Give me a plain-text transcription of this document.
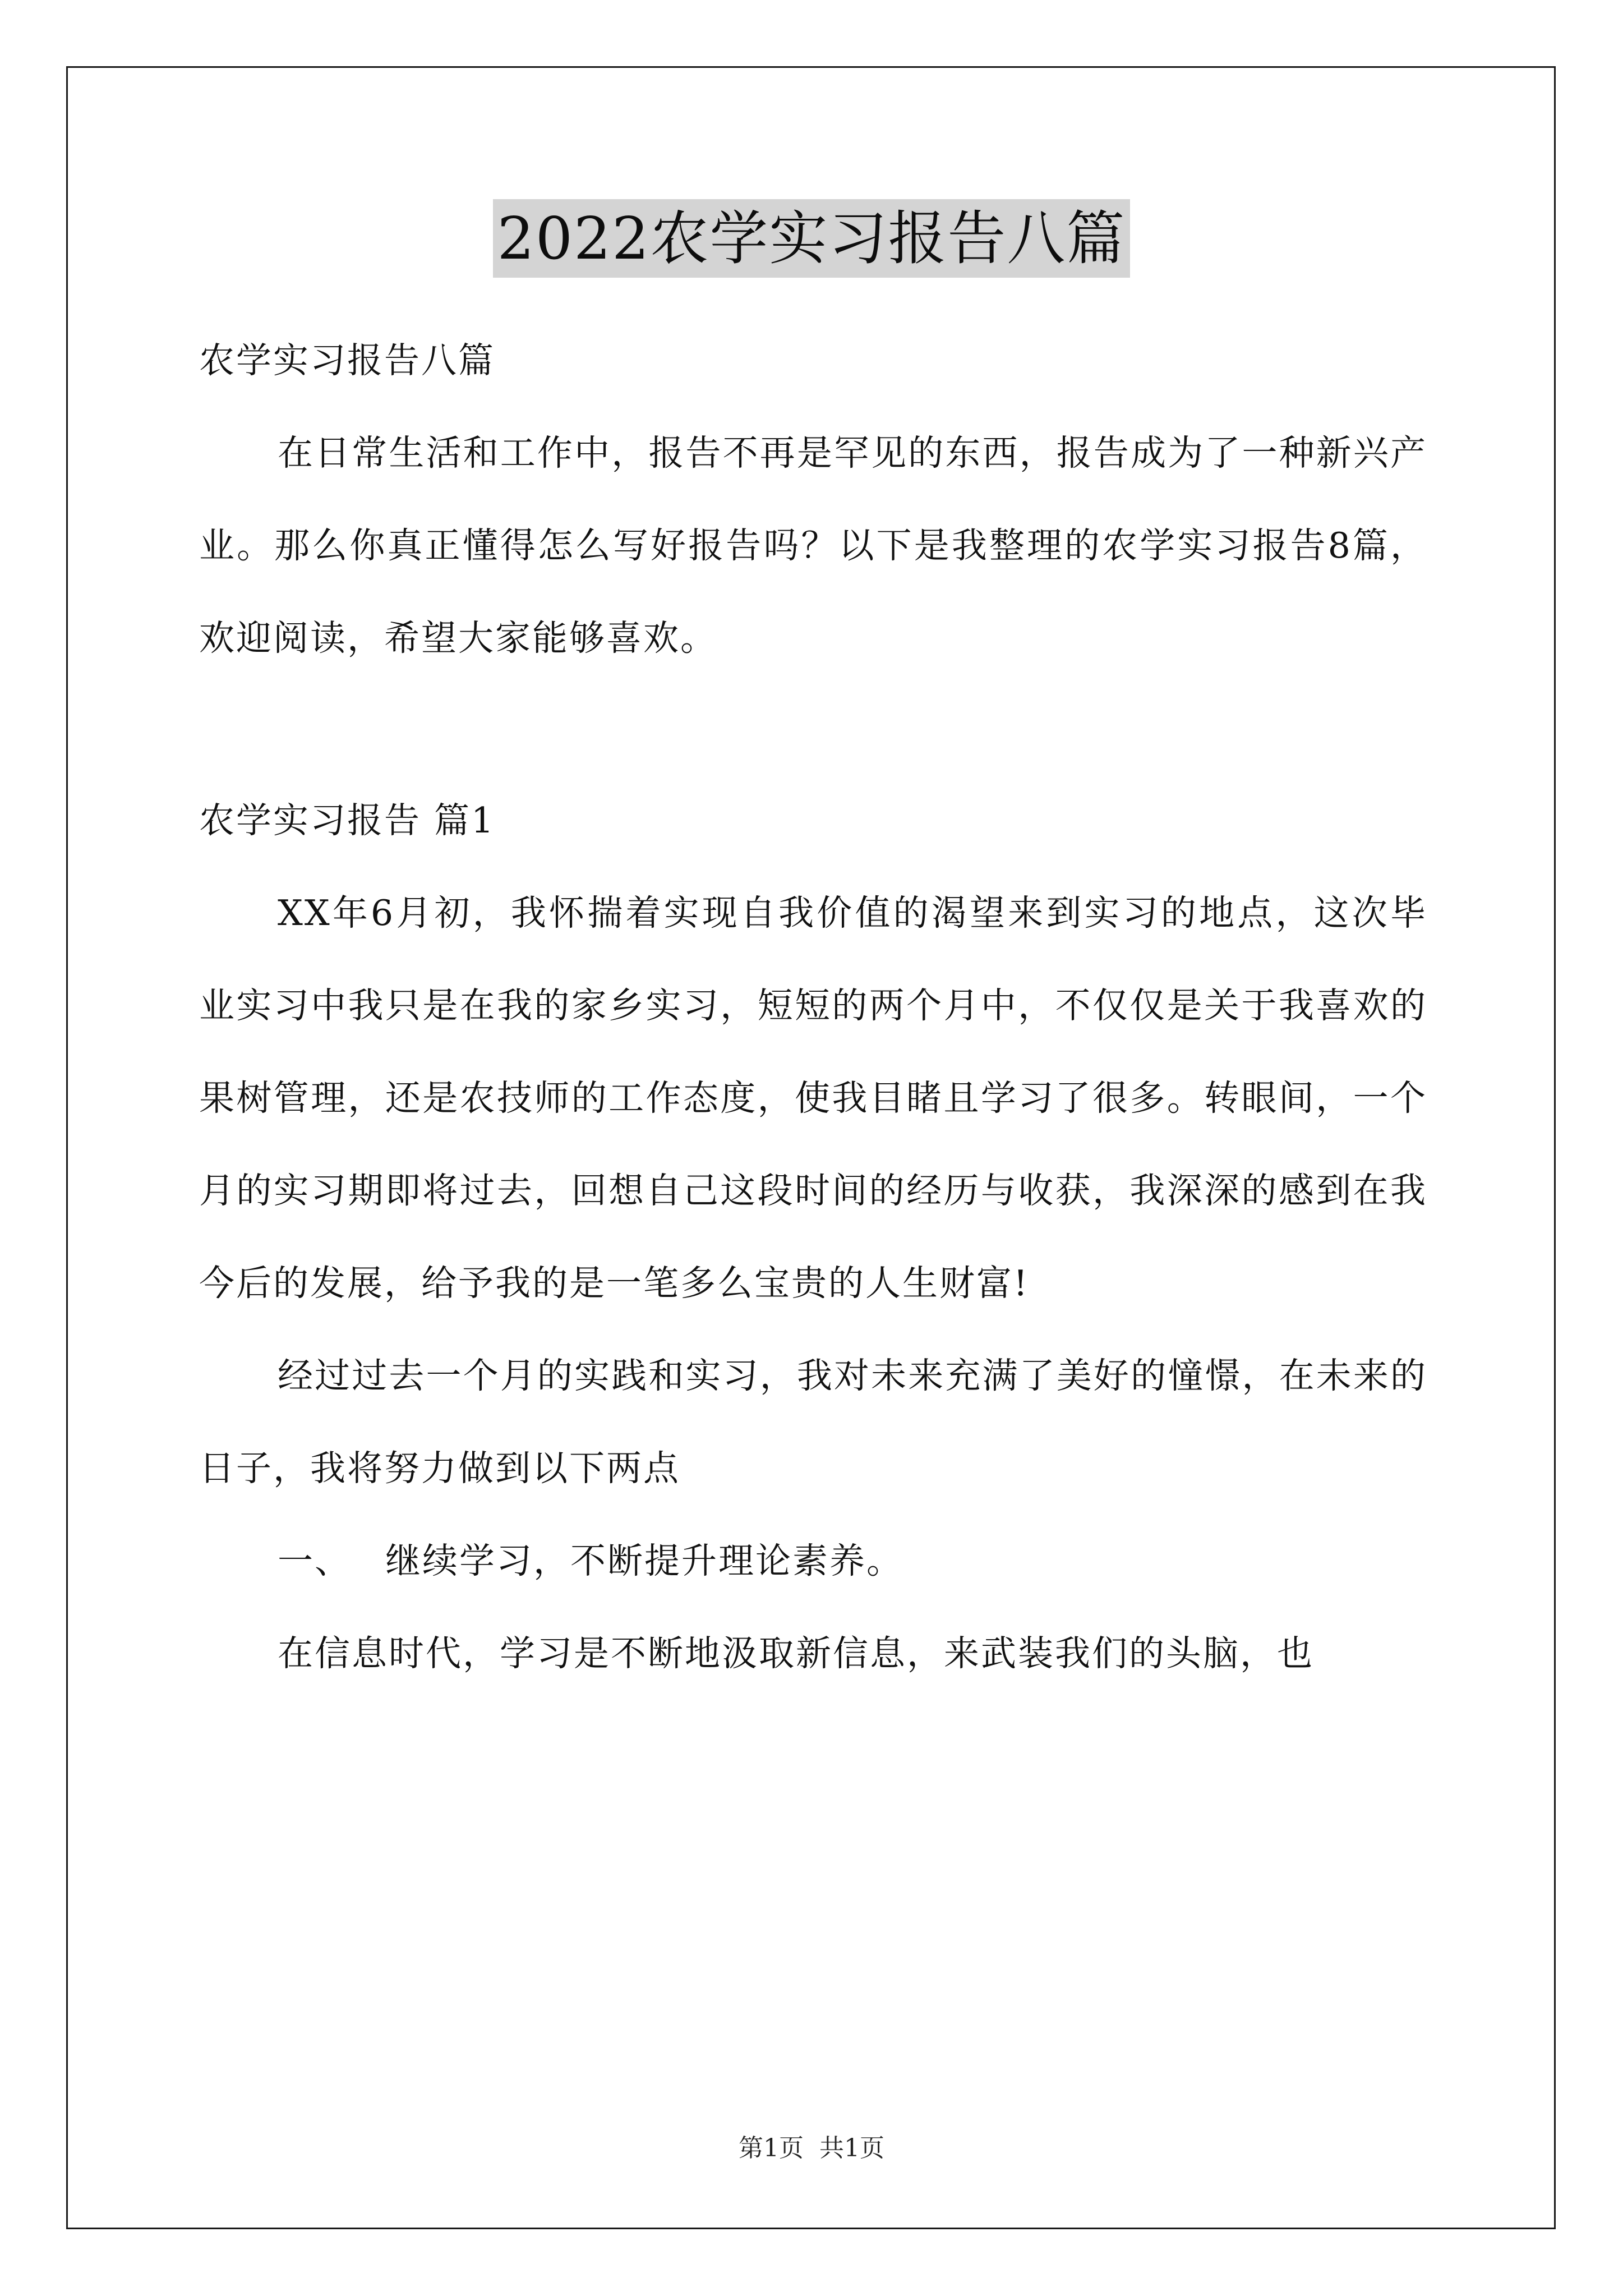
2022农学实习报告八篇

农学实习报告八篇

在日常生活和工作中，报告不再是罕见的东西，报告成为了一种新兴产业。那么你真正懂得怎么写好报告吗？以下是我整理的农学实习报告8篇，欢迎阅读，希望大家能够喜欢。

农学实习报告 篇1

XX年6月初，我怀揣着实现自我价值的渴望来到实习的地点，这次毕业实习中我只是在我的家乡实习，短短的两个月中，不仅仅是关于我喜欢的果树管理，还是农技师的工作态度，使我目睹且学习了很多。转眼间，一个月的实习期即将过去，回想自己这段时间的经历与收获，我深深的感到在我今后的发展，给予我的是一笔多么宝贵的人生财富!

经过过去一个月的实践和实习，我对未来充满了美好的憧憬，在未来的日子，我将努力做到以下两点

一、 继续学习，不断提升理论素养。

在信息时代，学习是不断地汲取新信息，来武装我们的头脑，也

第1页 共1页
